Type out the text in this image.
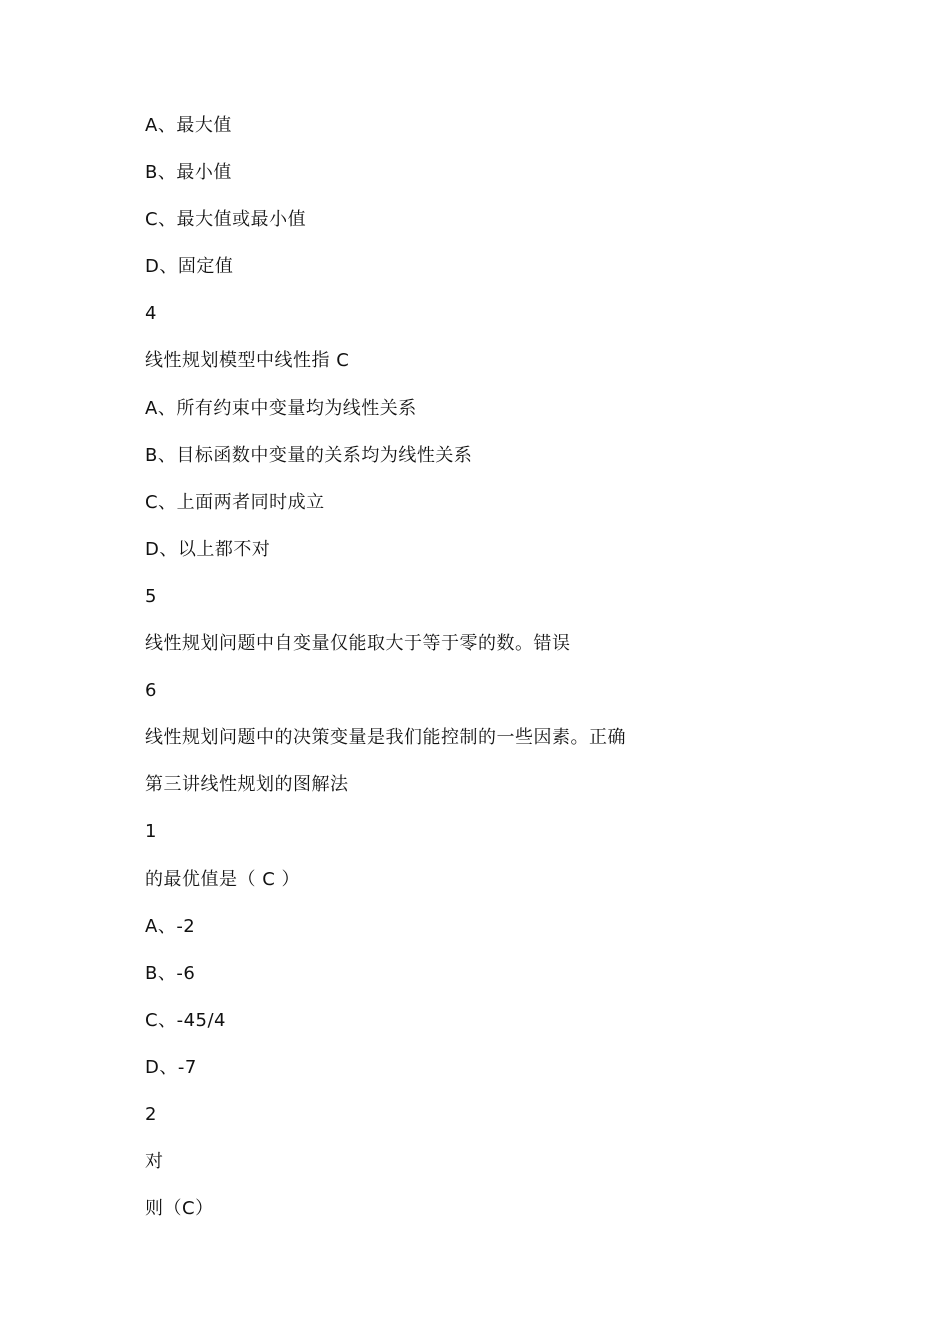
A、最大值
B、最小值
C、最大值或最小值
D、固定值
4
线性规划模型中线性指 C
A、所有约束中变量均为线性关系
B、目标函数中变量的关系均为线性关系
C、上面两者同时成立
D、以上都不对
5
线性规划问题中自变量仅能取大于等于零的数。错误
6
线性规划问题中的决策变量是我们能控制的一些因素。正确
第三讲线性规划的图解法
1
的最优值是（ C ）
A、-2
B、-6
C、-45/4
D、-7
2
对
则（C）
